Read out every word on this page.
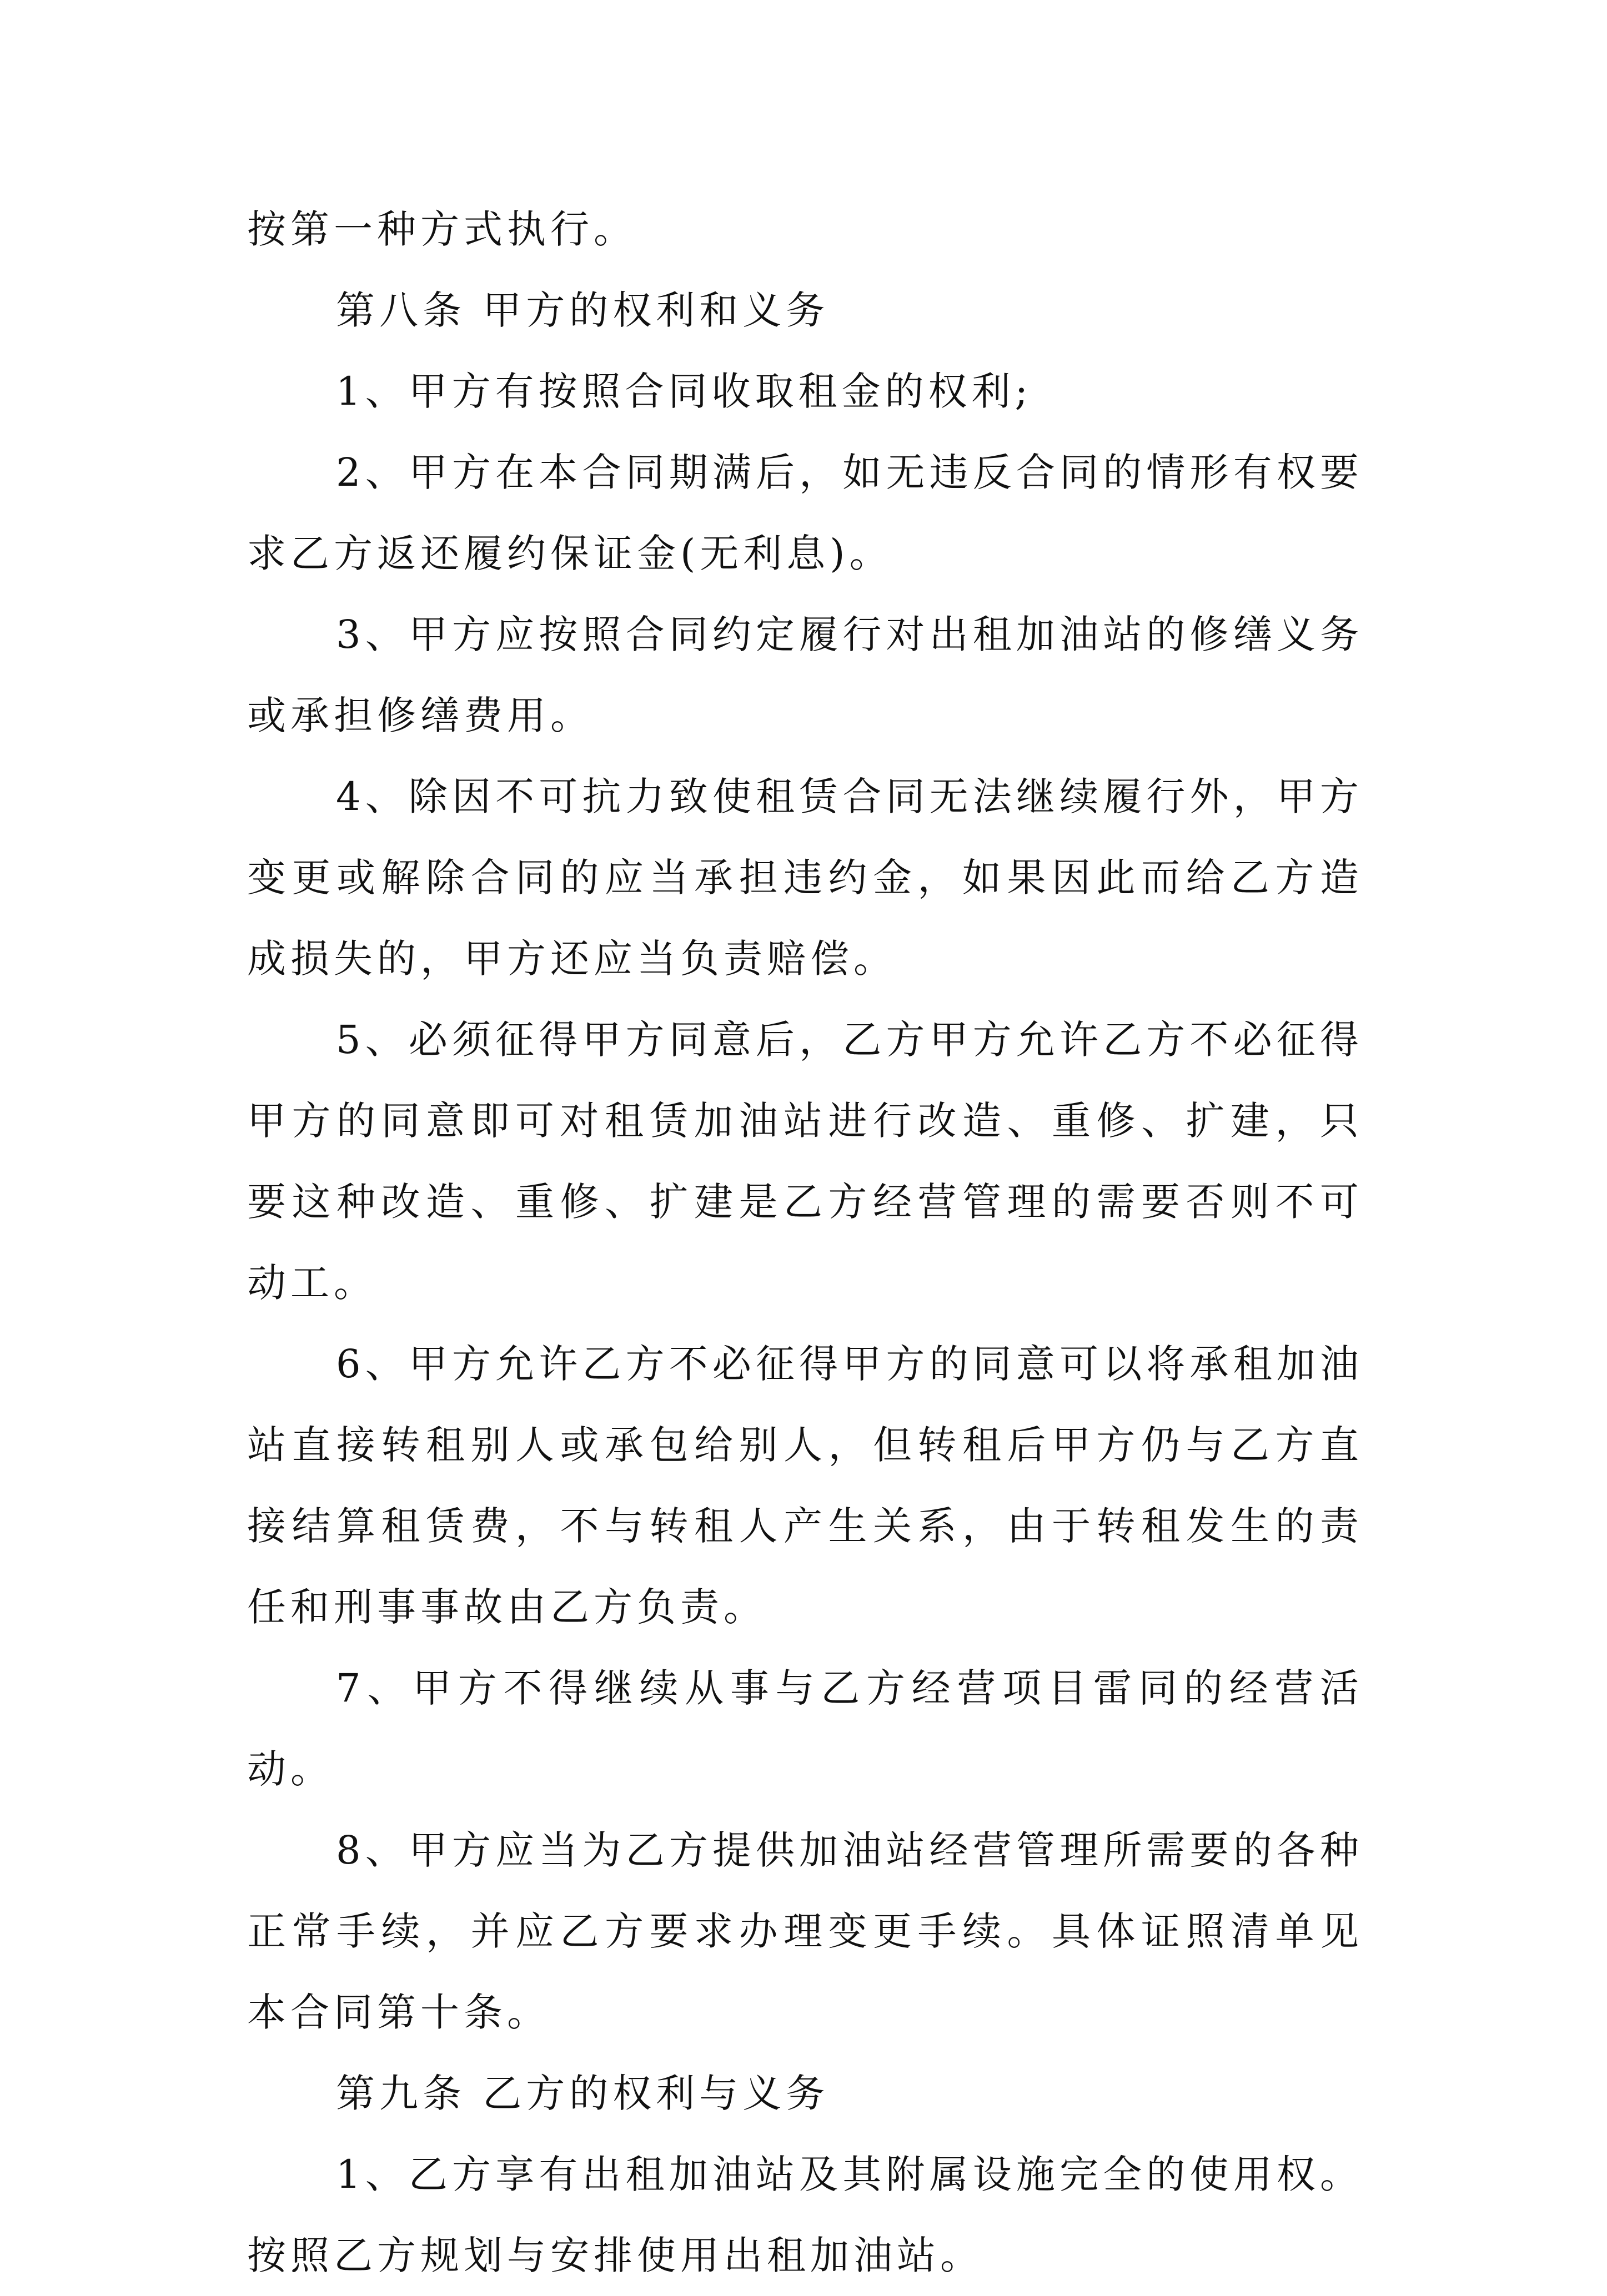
按第一种方式执行。

第八条 甲方的权利和义务

1、甲方有按照合同收取租金的权利;

2、甲方在本合同期满后，如无违反合同的情形有权要求乙方返还履约保证金(无利息)。

3、甲方应按照合同约定履行对出租加油站的修缮义务或承担修缮费用。

4、除因不可抗力致使租赁合同无法继续履行外，甲方变更或解除合同的应当承担违约金，如果因此而给乙方造成损失的，甲方还应当负责赔偿。

5、必须征得甲方同意后，乙方甲方允许乙方不必征得甲方的同意即可对租赁加油站进行改造、重修、扩建，只要这种改造、重修、扩建是乙方经营管理的需要否则不可动工。

6、甲方允许乙方不必征得甲方的同意可以将承租加油站直接转租别人或承包给别人，但转租后甲方仍与乙方直接结算租赁费，不与转租人产生关系，由于转租发生的责任和刑事事故由乙方负责。

7、甲方不得继续从事与乙方经营项目雷同的经营活动。

8、甲方应当为乙方提供加油站经营管理所需要的各种正常手续，并应乙方要求办理变更手续。具体证照清单见本合同第十条。

第九条 乙方的权利与义务

1、乙方享有出租加油站及其附属设施完全的使用权。按照乙方规划与安排使用出租加油站。
